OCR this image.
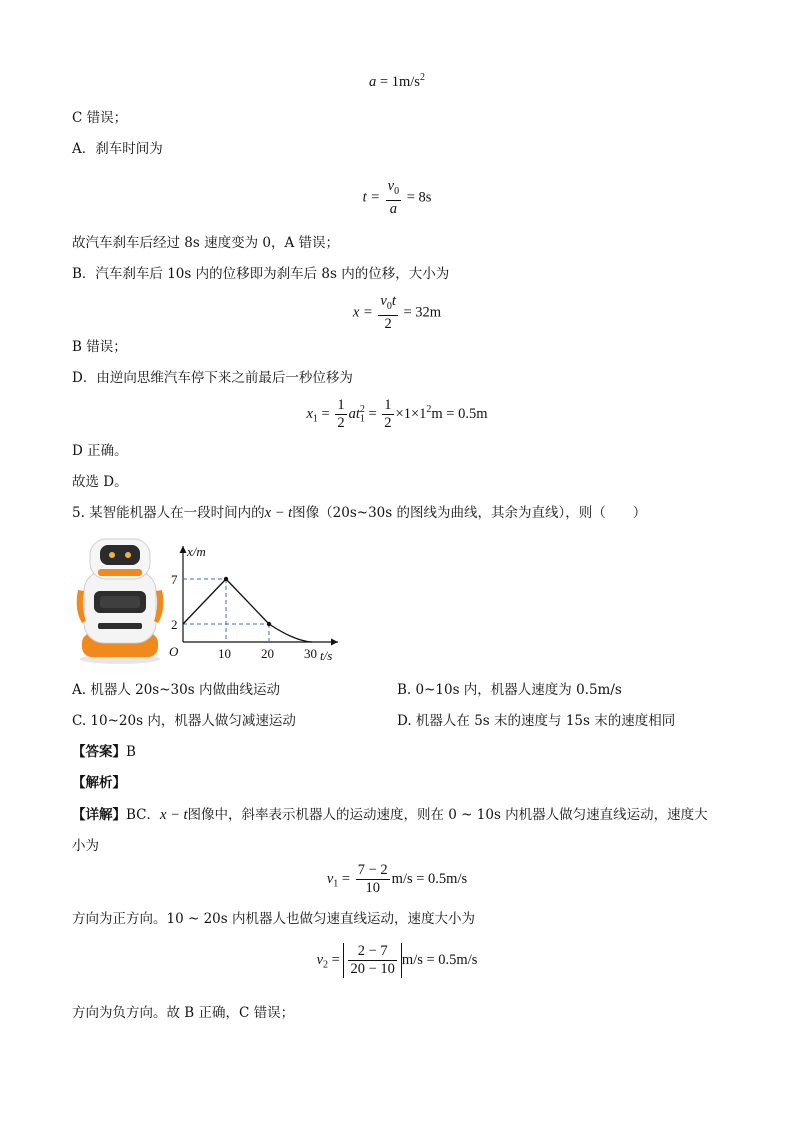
$a = 1m/s^2$
C 错误；
A．刹车时间为
$t = \frac{v_0}{a} = 8s$
故汽车刹车后经过 8s 速度变为 0，A 错误；
B．汽车刹车后 10s 内的位移即为刹车后 8s 内的位移，大小为
$x = \frac{v_0t}{2} = 32m$
B 错误；
D．由逆向思维汽车停下来之前最后一秒位移为
$x_1 = \frac{1}{2} at_1^2 = \frac{1}{2} \times 1\times 1^2m = 0.5m$
D 正确。
故选 D。
5. 某智能机器人在一段时间内的x − t图像（20s~30s 的图线为曲线，其余为直线），则（　　）
x/m
t/s
O
7
2
10 20 30
A. 机器人 20s~30s 内做曲线运动	B. 0~10s 内，机器人速度为 0.5m/s
C. 10~20s 内，机器人做匀减速运动	D. 机器人在 5s 末的速度与 15s 末的速度相同
【答案】B
【解析】
【详解】BC．x − t图像中，斜率表示机器人的运动速度，则在 0 ~ 10s 内机器人做匀速直线运动，速度大
小为
$v_1 = \frac{7 - 2}{10} m/s = 0.5m/s$
方向为正方向。10 ~ 20s 内机器人也做匀速直线运动，速度大小为
$v_2 = \frac{2 - 7}{20 - 10} m/s = 0.5m/s$
方向为负方向。故 B 正确，C 错误；
